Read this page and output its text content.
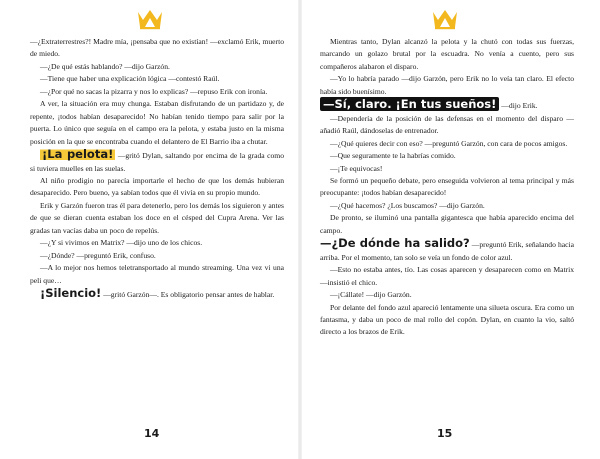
—¿Extraterrestres?! Madre mía, ¡pensaba que no existían! —exclamó Erik, muerto de miedo.

—¿De qué estás hablando? —dijo Garzón.

—Tiene que haber una explicación lógica —contestó Raúl.

—¿Por qué no sacas la pizarra y nos lo explicas? —repuso Erik con ironía.

A ver, la situación era muy chunga. Estaban disfrutando de un partidazo y, de repente, ¡todos habían desaparecido! No habían tenido tiempo para salir por la puerta. Lo único que seguía en el campo era la pelota, y estaba justo en la misma posición en la que se encontraba cuando el delantero de El Barrio iba a chutar.

¡La pelota! —gritó Dylan, saltando por encima de la grada como si tuviera muelles en las suelas.

Al niño prodigio no parecía importarle el hecho de que los demás hubieran desaparecido. Pero bueno, ya sabían todos que él vivía en su propio mundo.

Erik y Garzón fueron tras él para detenerlo, pero los demás los siguieron y antes de que se dieran cuenta estaban los doce en el césped del Cupra Arena. Ver las gradas tan vacías daba un poco de repelús.

—¿Y si vivimos en Matrix? —dijo uno de los chicos.

—¿Dónde? —preguntó Erik, confuso.

—A lo mejor nos hemos teletransportado al mundo streaming. Una vez vi una peli que…

¡Silencio! —gritó Garzón—. Es obligatorio pensar antes de hablar.

14

Mientras tanto, Dylan alcanzó la pelota y la chutó con todas sus fuerzas, marcando un golazo brutal por la escuadra. No venía a cuento, pero sus compañeros alabaron el disparo.

—Yo lo habría parado —dijo Garzón, pero Erik no lo veía tan claro. El efecto había sido buenísimo.

—Sí, claro. ¡En tus sueños! —dijo Erik.

—Dependería de la posición de las defensas en el momento del disparo —añadió Raúl, dándoselas de entrenador.

—¿Qué quieres decir con eso? —preguntó Garzón, con cara de pocos amigos.

—Que seguramente te la habrías comido.

—¡Te equivocas!

Se formó un pequeño debate, pero enseguida volvieron al tema principal y más preocupante: ¡todos habían desaparecido!

—¿Qué hacemos? ¿Los buscamos? —dijo Garzón.

De pronto, se iluminó una pantalla gigantesca que había aparecido encima del campo.

—¿De dónde ha salido? —preguntó Erik, señalando hacia arriba. Por el momento, tan solo se veía un fondo de color azul.

—Esto no estaba antes, tío. Las cosas aparecen y desaparecen como en Matrix —insistió el chico.

—¡Cállate! —dijo Garzón.

Por delante del fondo azul apareció lentamente una silueta oscura. Era como un fantasma, y daba un poco de mal rollo del copón. Dylan, en cuanto la vio, saltó directo a los brazos de Erik.

15
